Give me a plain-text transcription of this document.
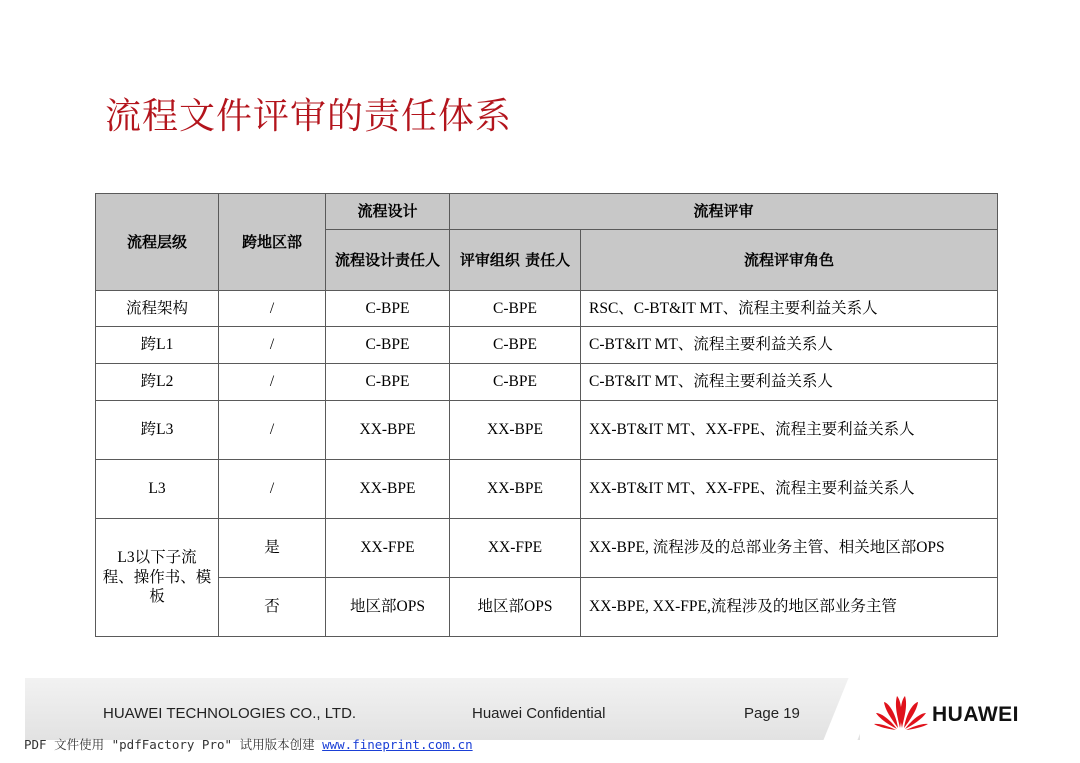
流程文件评审的责任体系
流程层级	跨地区部	流程设计	流程评审	
		流程设计责任人	评审组织 责任人	流程评审角色
流程架构	/	C-BPE	C-BPE	RSC、C-BT&IT MT、流程主要利益关系人
跨L1	/	C-BPE	C-BPE	C-BT&IT MT、流程主要利益关系人
跨L2	/	C-BPE	C-BPE	C-BT&IT MT、流程主要利益关系人
跨L3	/	XX-BPE	XX-BPE	XX-BT&IT MT、XX-FPE、流程主要利益关系人
L3	/	XX-BPE	XX-BPE	XX-BT&IT MT、XX-FPE、流程主要利益关系人
L3以下子流程、操作书、模板	是	XX-FPE	XX-FPE	XX-BPE, 流程涉及的总部业务主管、相关地区部OPS
	否	地区部OPS	地区部OPS	XX-BPE, XX-FPE,流程涉及的地区部业务主管
HUAWEI TECHNOLOGIES CO., LTD.	Huawei Confidential	Page 19	HUAWEI
PDF 文件使用 "pdfFactory Pro" 试用版本创建 www.fineprint.com.cn
